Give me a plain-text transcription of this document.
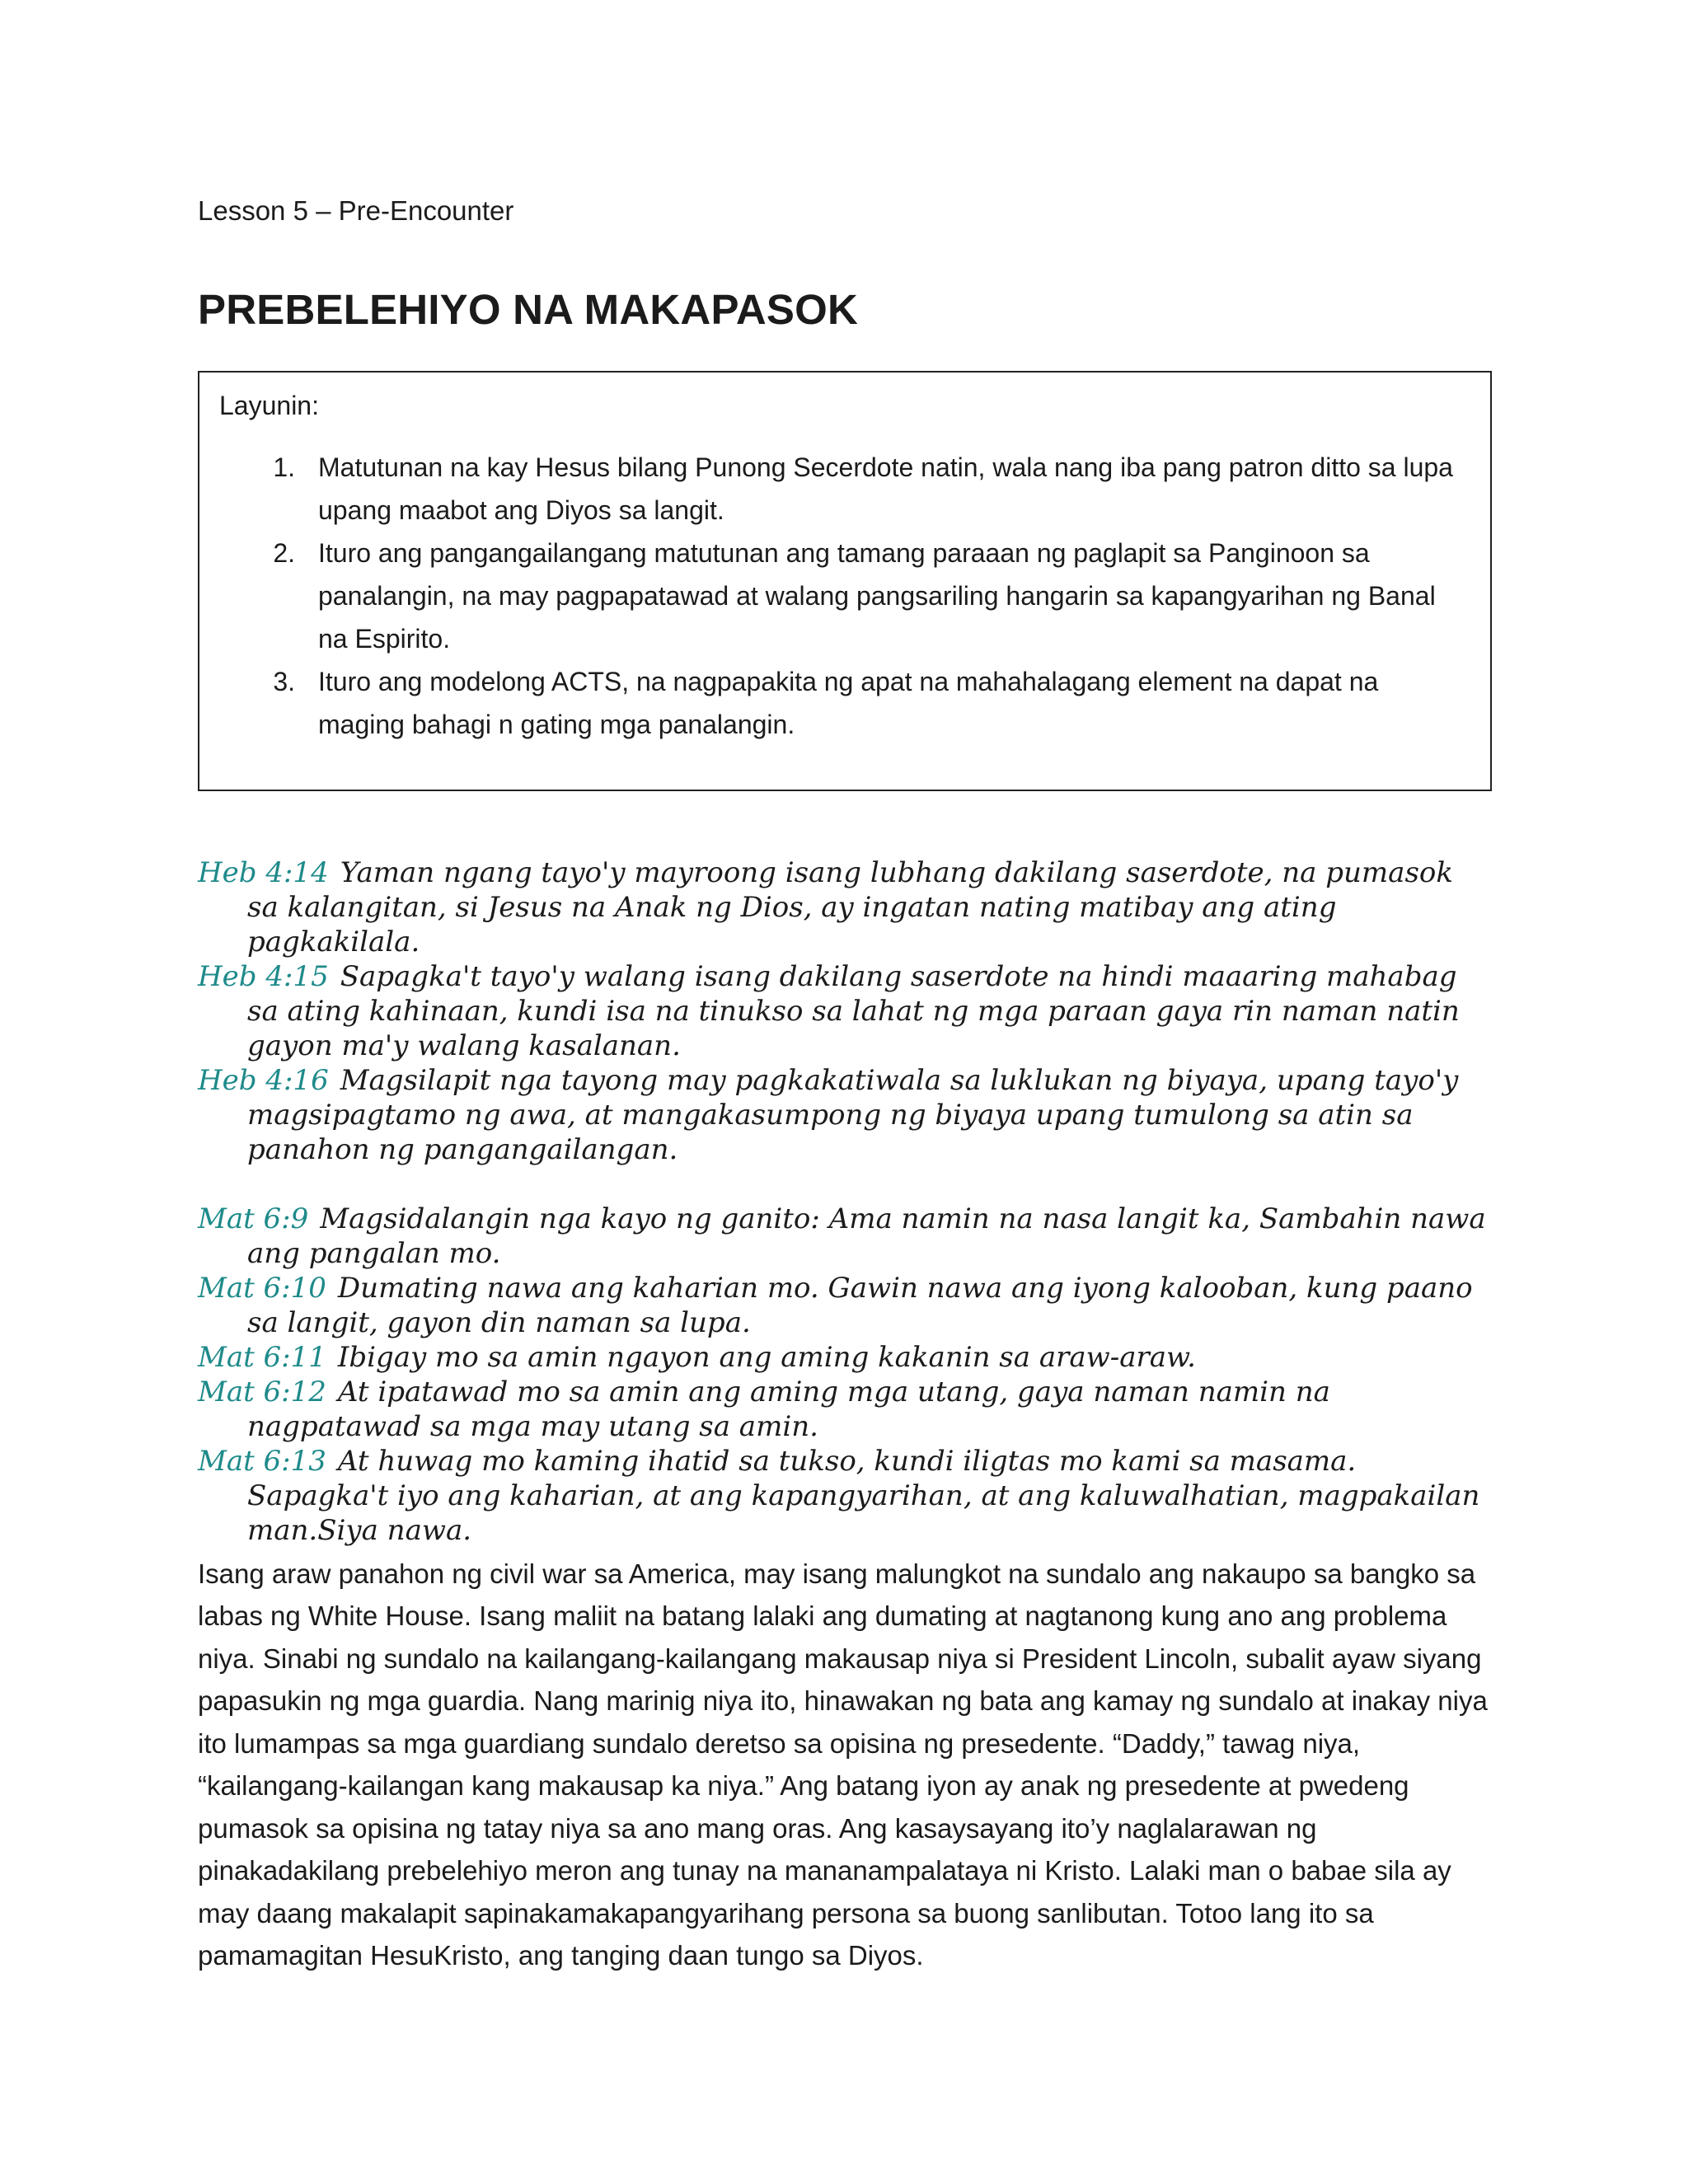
Lesson 5 – Pre-Encounter

PREBELEHIYO NA MAKAPASOK

Layunin:

1. Matutunan na kay Hesus bilang Punong Secerdote natin, wala nang iba pang patron ditto sa lupa upang maabot ang Diyos sa langit.
2. Ituro ang pangangailangang matutunan ang tamang paraaan ng paglapit sa Panginoon sa panalangin, na may pagpapatawad at walang pangsariling hangarin sa kapangyarihan ng Banal na Espirito.
3. Ituro ang modelong ACTS, na nagpapakita ng apat na mahahalagang element na dapat na maging bahagi n gating mga panalangin.

Heb 4:14 Yaman ngang tayo'y mayroong isang lubhang dakilang saserdote, na pumasok sa kalangitan, si Jesus na Anak ng Dios, ay ingatan nating matibay ang ating pagkakilala.

Heb 4:15 Sapagka't tayo'y walang isang dakilang saserdote na hindi maaaring mahabag sa ating kahinaan, kundi isa na tinukso sa lahat ng mga paraan gaya rin naman natin gayon ma'y walang kasalanan.

Heb 4:16 Magsilapit nga tayong may pagkakatiwala sa luklukan ng biyaya, upang tayo'y magsipagtamo ng awa, at mangakasumpong ng biyaya upang tumulong sa atin sa panahon ng pangangailangan.

Mat 6:9 Magsidalangin nga kayo ng ganito: Ama namin na nasa langit ka, Sambahin nawa ang pangalan mo.

Mat 6:10 Dumating nawa ang kaharian mo. Gawin nawa ang iyong kalooban, kung paano sa langit, gayon din naman sa lupa.

Mat 6:11 Ibigay mo sa amin ngayon ang aming kakanin sa araw-araw.

Mat 6:12 At ipatawad mo sa amin ang aming mga utang, gaya naman namin na nagpatawad sa mga may utang sa amin.

Mat 6:13 At huwag mo kaming ihatid sa tukso, kundi iligtas mo kami sa masama. Sapagka't iyo ang kaharian, at ang kapangyarihan, at ang kaluwalhatian, magpakailan man.Siya nawa.

Isang araw panahon ng civil war sa America, may isang malungkot na sundalo ang nakaupo sa bangko sa labas ng White House. Isang maliit na batang lalaki ang dumating at nagtanong kung ano ang problema niya. Sinabi ng sundalo na kailangang-kailangang makausap niya si President Lincoln, subalit ayaw siyang papasukin ng mga guardia. Nang marinig niya ito, hinawakan ng bata ang kamay ng sundalo at inakay niya ito lumampas sa mga guardiang sundalo deretso sa opisina ng presedente. “Daddy,” tawag niya, “kailangang-kailangan kang makausap ka niya.” Ang batang iyon ay anak ng presedente at pwedeng pumasok sa opisina ng tatay niya sa ano mang oras. Ang kasaysayang ito’y naglalarawan ng pinakadakilang prebelehiyo meron ang tunay na mananampalataya ni Kristo. Lalaki man o babae sila ay may daang makalapit sapinakamakapangyarihang persona sa buong sanlibutan. Totoo lang ito sa pamamagitan HesuKristo, ang tanging daan tungo sa Diyos.
